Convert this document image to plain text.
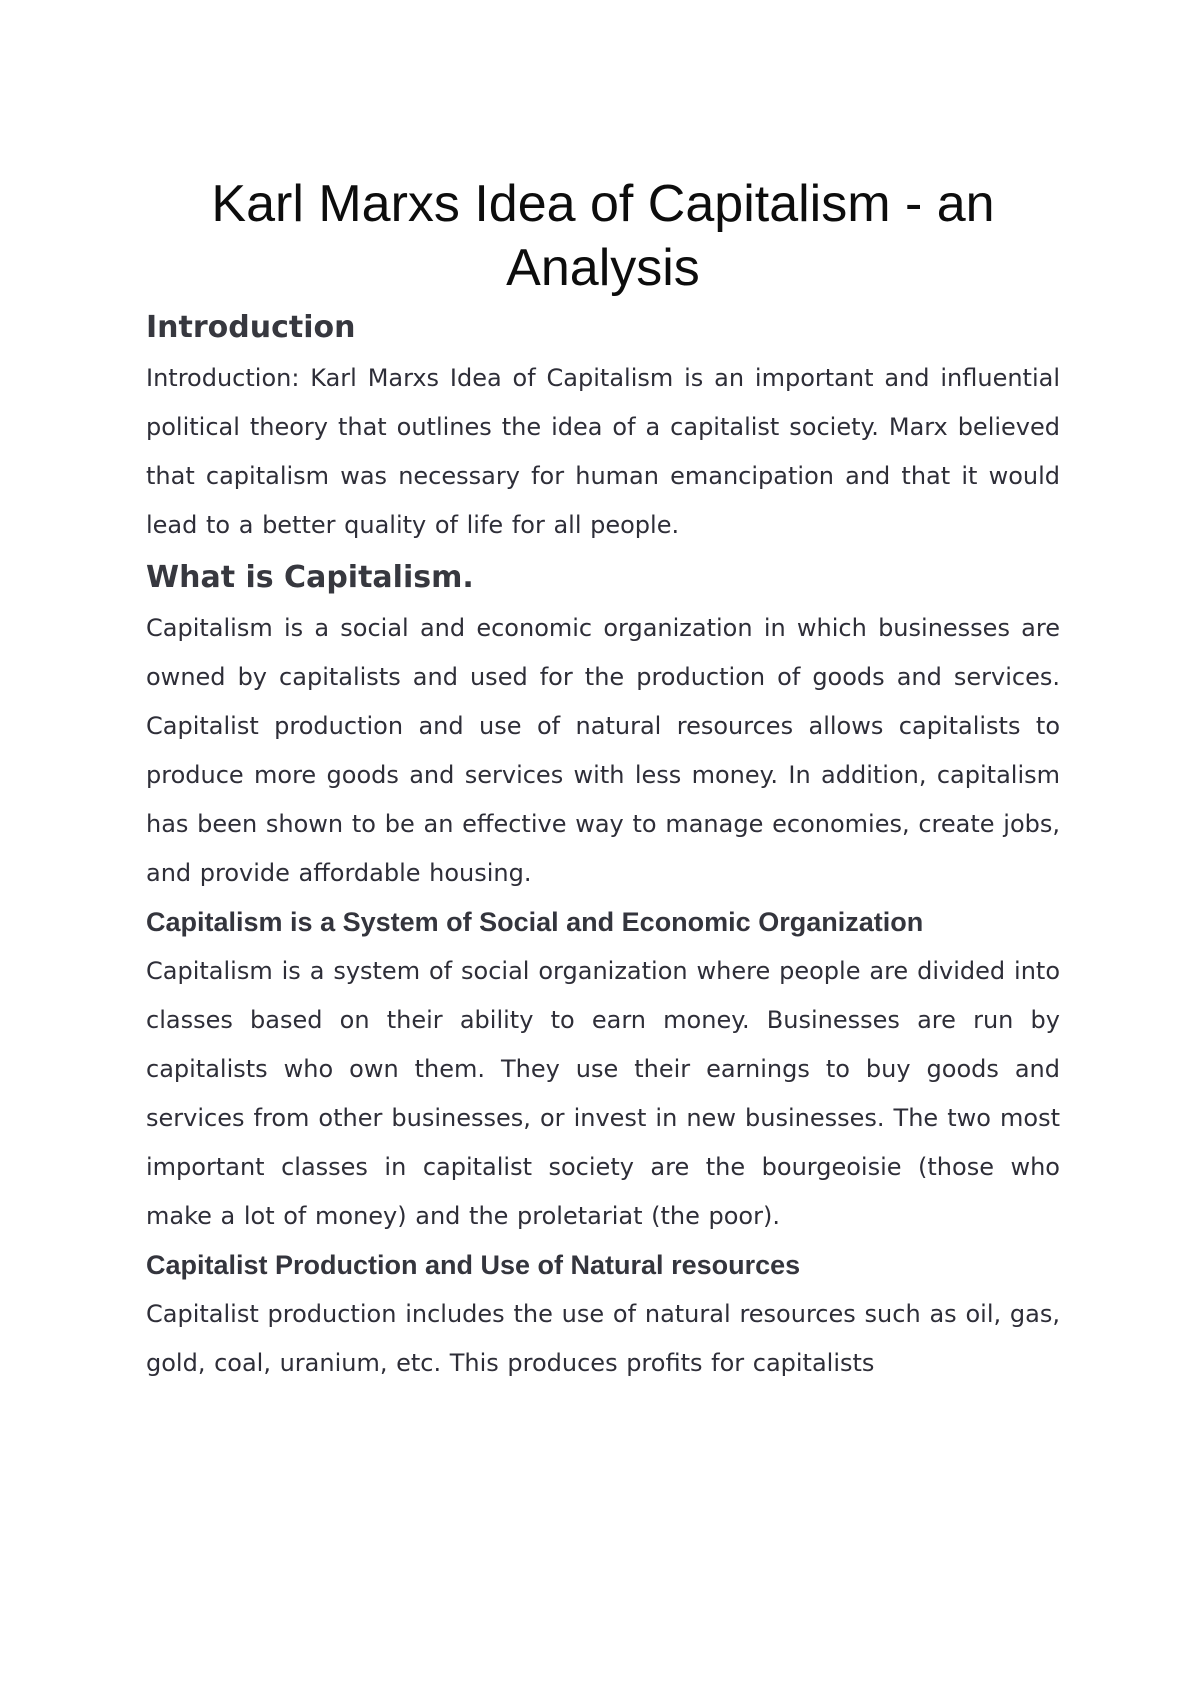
Karl Marxs Idea of Capitalism - an Analysis
Introduction

Introduction: Karl Marxs Idea of Capitalism is an important and influential political theory that outlines the idea of a capitalist society. Marx believed that capitalism was necessary for human emancipation and that it would lead to a better quality of life for all people.

What is Capitalism.

Capitalism is a social and economic organization in which businesses are owned by capitalists and used for the production of goods and services. Capitalist production and use of natural resources allows capitalists to produce more goods and services with less money. In addition, capitalism has been shown to be an effective way to manage economies, create jobs, and provide affordable housing.

Capitalism is a System of Social and Economic Organization

Capitalism is a system of social organization where people are divided into classes based on their ability to earn money. Businesses are run by capitalists who own them. They use their earnings to buy goods and services from other businesses, or invest in new businesses. The two most important classes in capitalist society are the bourgeoisie (those who make a lot of money) and the proletariat (the poor).

Capitalist Production and Use of Natural resources

Capitalist production includes the use of natural resources such as oil, gas, gold, coal, uranium, etc. This produces profits for capitalists
